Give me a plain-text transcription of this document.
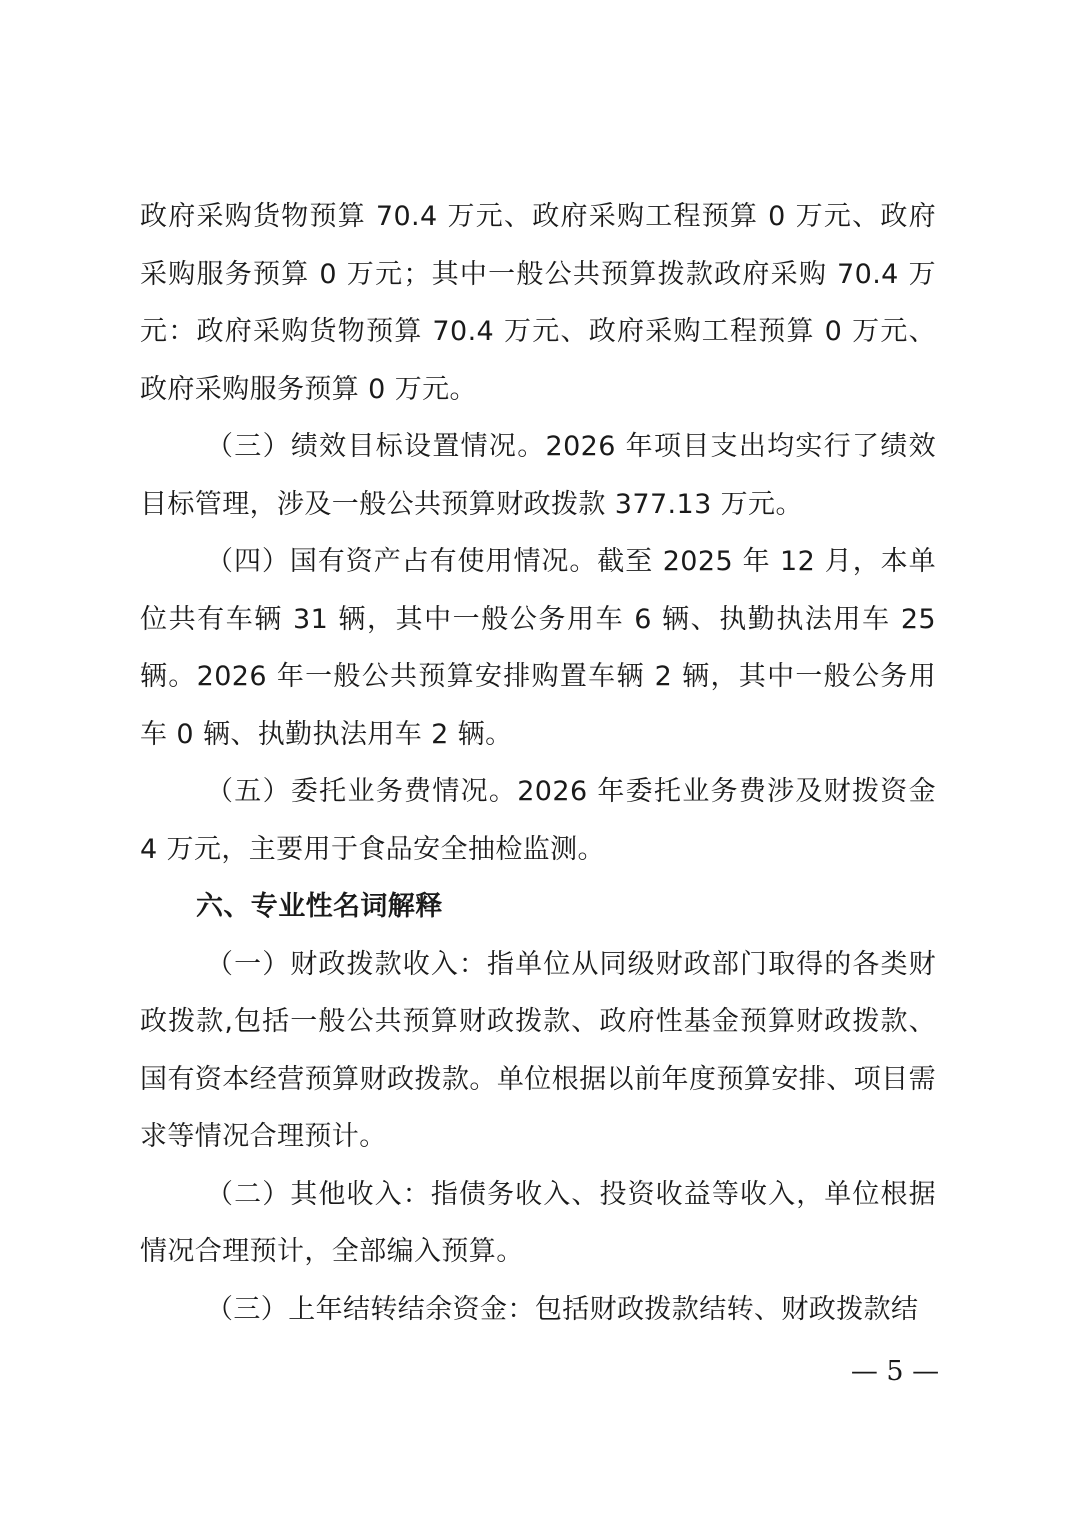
政府采购货物预算 70.4 万元、政府采购工程预算 0 万元、政府采购服务预算 0 万元；其中一般公共预算拨款政府采购 70.4 万元：政府采购货物预算 70.4 万元、政府采购工程预算 0 万元、政府采购服务预算 0 万元。

（三）绩效目标设置情况。2026 年项目支出均实行了绩效目标管理，涉及一般公共预算财政拨款 377.13 万元。

（四）国有资产占有使用情况。截至 2025 年 12 月，本单位共有车辆 31 辆，其中一般公务用车 6 辆、执勤执法用车 25 辆。2026 年一般公共预算安排购置车辆 2 辆，其中一般公务用车 0 辆、执勤执法用车 2 辆。

（五）委托业务费情况。2026 年委托业务费涉及财拨资金 4 万元，主要用于食品安全抽检监测。

六、专业性名词解释

（一）财政拨款收入：指单位从同级财政部门取得的各类财政拨款,包括一般公共预算财政拨款、政府性基金预算财政拨款、国有资本经营预算财政拨款。单位根据以前年度预算安排、项目需求等情况合理预计。

（二）其他收入：指债务收入、投资收益等收入，单位根据情况合理预计，全部编入预算。

（三）上年结转结余资金：包括财政拨款结转、财政拨款结

— 5 —
